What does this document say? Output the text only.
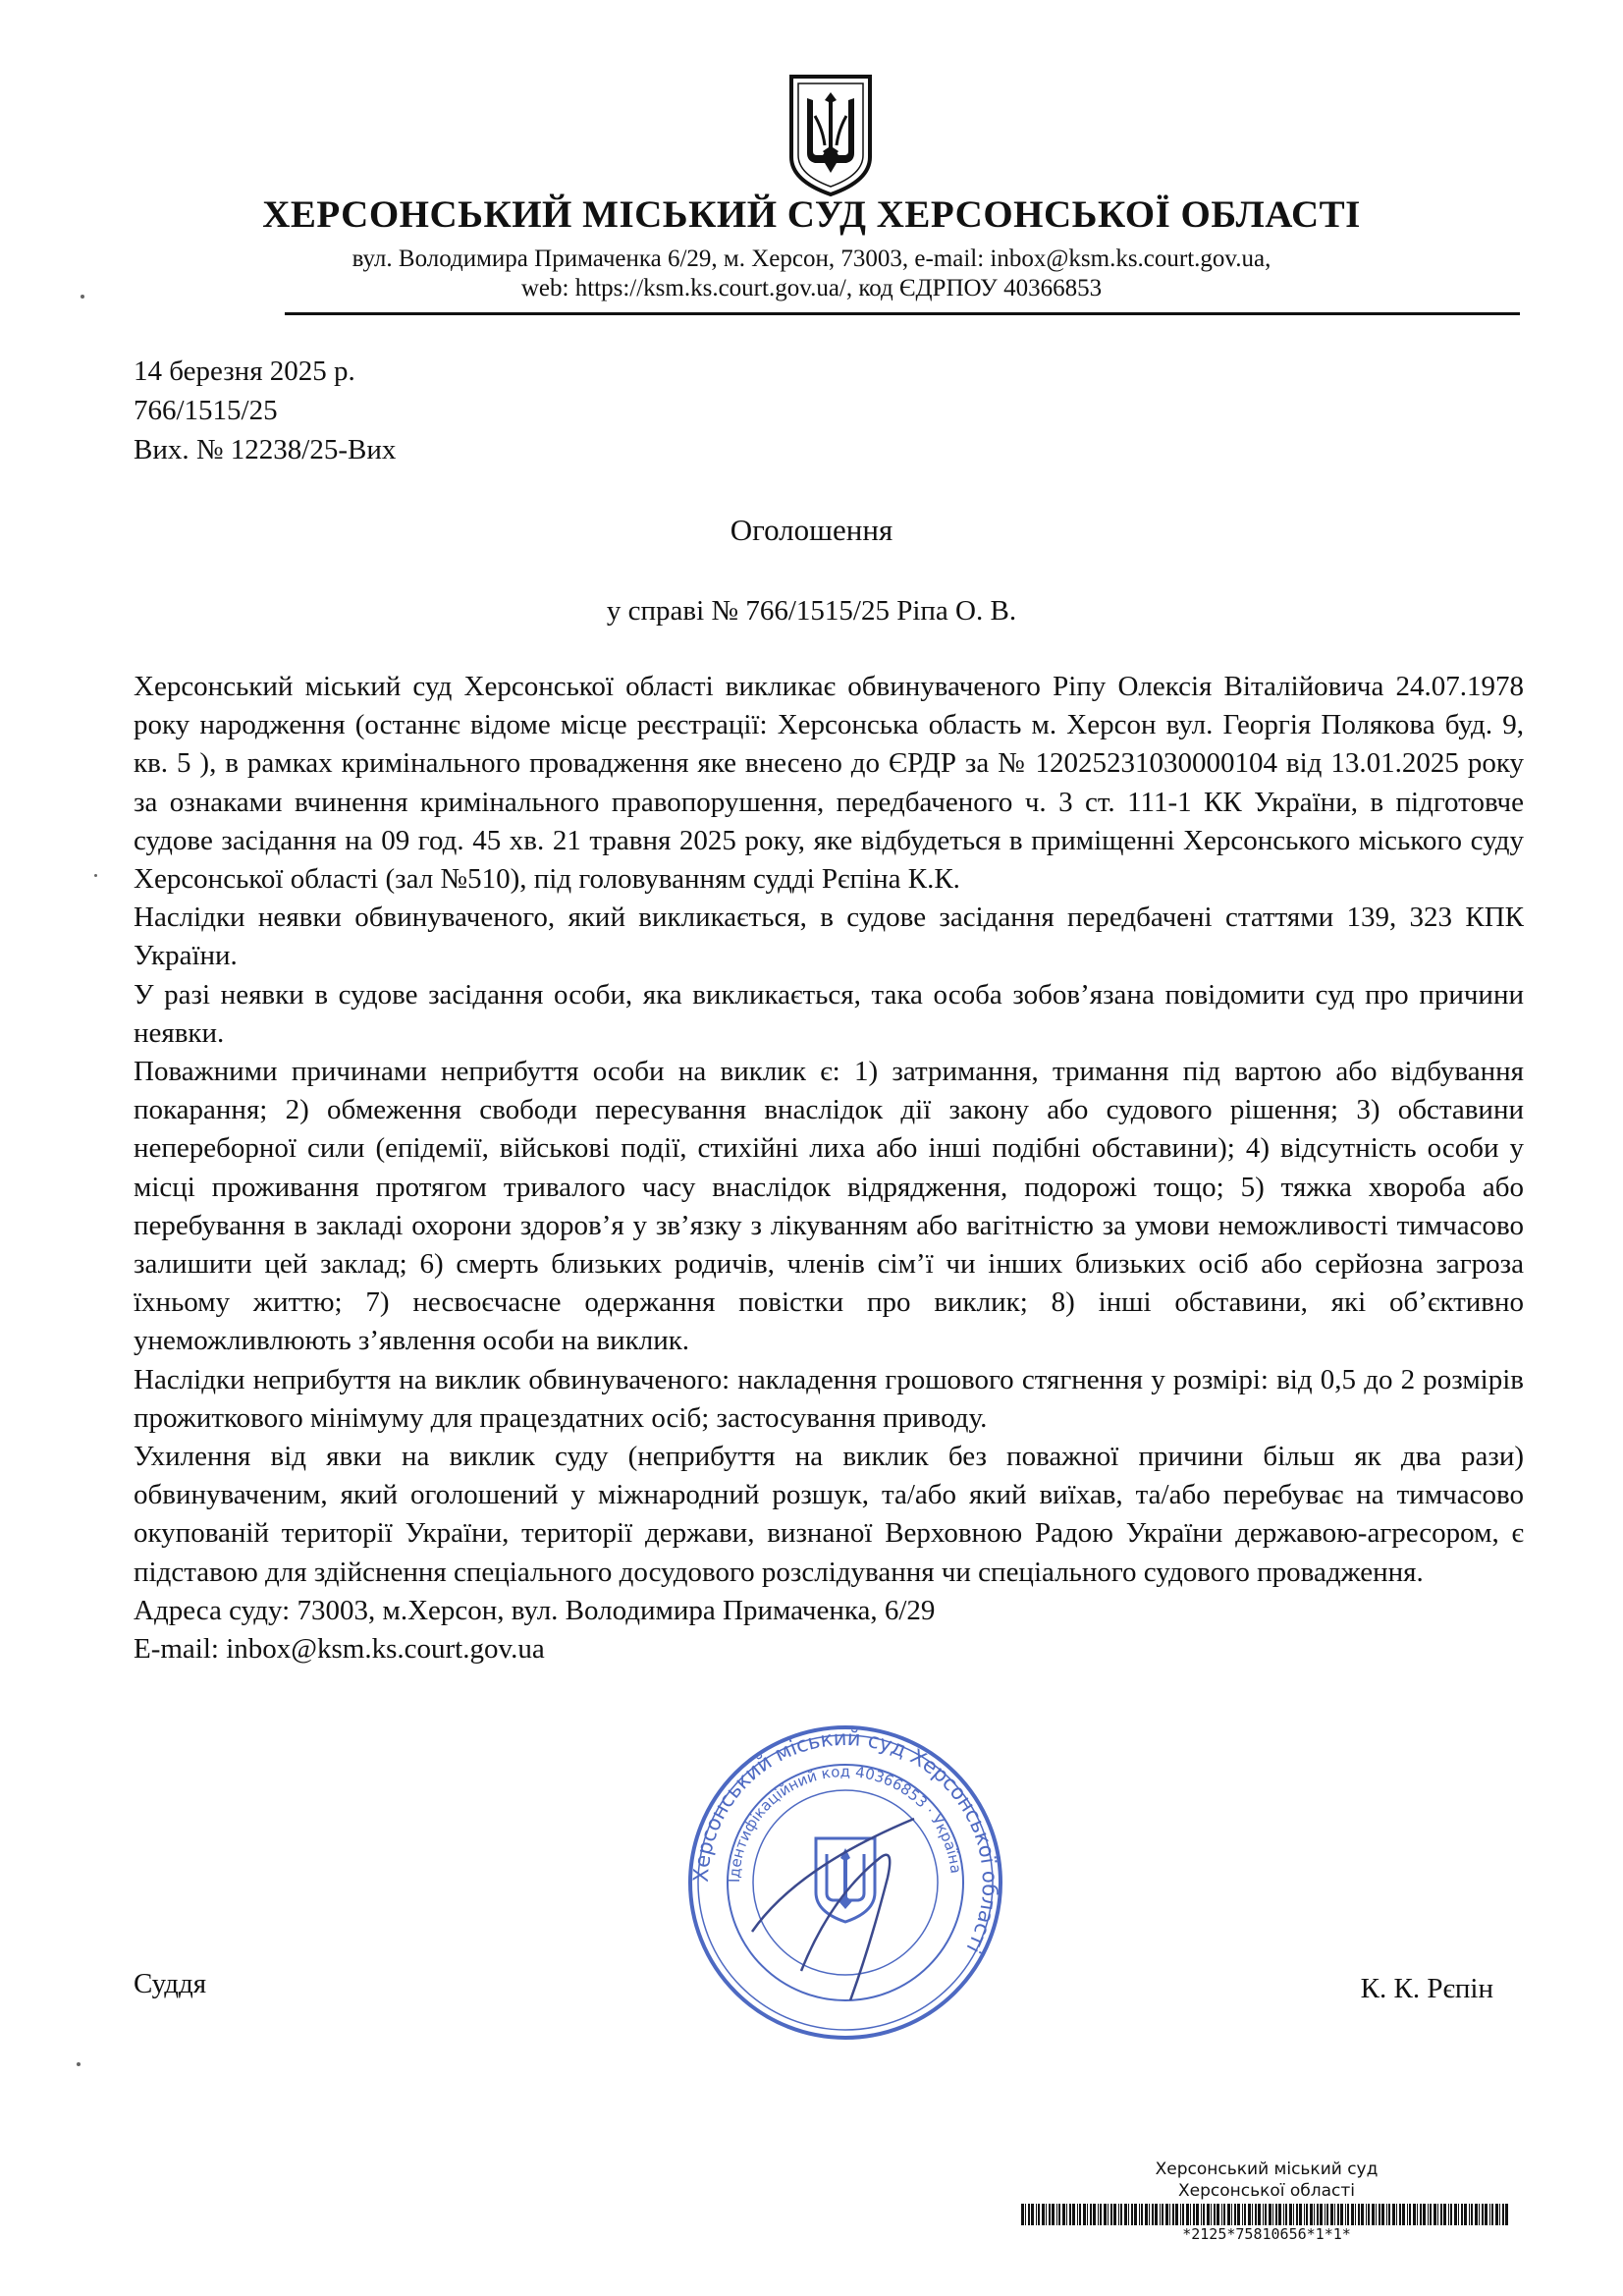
ХЕРСОНСЬКИЙ МІСЬКИЙ СУД ХЕРСОНСЬКОЇ ОБЛАСТІ
вул. Володимира Примаченка 6/29, м. Херсон, 73003, e-mail: inbox@ksm.ks.court.gov.ua,
web: https://ksm.ks.court.gov.ua/, код ЄДРПОУ 40366853
14 березня 2025 р.
766/1515/25
Вих. № 12238/25-Вих
Оголошення
у справі № 766/1515/25 Ріпа О. В.

Херсонський міський суд Херсонської області викликає обвинуваченого Ріпу Олексія Віталійовича 24.07.1978 року народження (останнє відоме місце реєстрації: Херсонська область м. Херсон вул. Георгія Полякова буд. 9, кв. 5 ), в рамках кримінального провадження яке внесено до ЄРДР за № 12025231030000104 від 13.01.2025 року за ознаками вчинення кримінального правопорушення, передбаченого ч. 3 ст. 111-1 КК України, в підготовче судове засідання на 09 год. 45 хв. 21 травня 2025 року, яке відбудеться в приміщенні Херсонського міського суду Херсонської області (зал №510), під головуванням судді Рєпіна К.К.

Наслідки неявки обвинуваченого, який викликається, в судове засідання передбачені статтями 139, 323 КПК України.

У разі неявки в судове засідання особи, яка викликається, така особа зобов’язана повідомити суд про причини неявки.

Поважними причинами неприбуття особи на виклик є: 1) затримання, тримання під вартою або відбування покарання; 2) обмеження свободи пересування внаслідок дії закону або судового рішення; 3) обставини непереборної сили (епідемії, військові події, стихійні лиха або інші подібні обставини); 4) відсутність особи у місці проживання протягом тривалого часу внаслідок відрядження, подорожі тощо; 5) тяжка хвороба або перебування в закладі охорони здоров’я у зв’язку з лікуванням або вагітністю за умови неможливості тимчасово залишити цей заклад; 6) смерть близьких родичів, членів сім’ї чи інших близьких осіб або серйозна загроза їхньому життю; 7) несвоєчасне одержання повістки про виклик; 8) інші обставини, які об’єктивно унеможливлюють з’явлення особи на виклик.

Наслідки неприбуття на виклик обвинуваченого: накладення грошового стягнення у розмірі: від 0,5 до 2 розмірів прожиткового мінімуму для працездатних осіб; застосування приводу.

Ухилення від явки на виклик суду (неприбуття на виклик без поважної причини більш як два рази) обвинуваченим, який оголошений у міжнародний розшук, та/або який виїхав, та/або перебуває на тимчасово окупованій території України, території держави, визнаної Верховною Радою України державою-агресором, є підставою для здійснення спеціального досудового розслідування чи спеціального судового провадження.

Адреса суду: 73003, м.Херсон, вул. Володимира Примаченка, 6/29

E-mail: inbox@ksm.ks.court.gov.ua

Суддя	К. К. Рєпін
Херсонський міський суд Херсонської області
Ідентифікаційний код 40366853 · Україна
Херсонський міський суд
Херсонської області
*2125*75810656*1*1*
